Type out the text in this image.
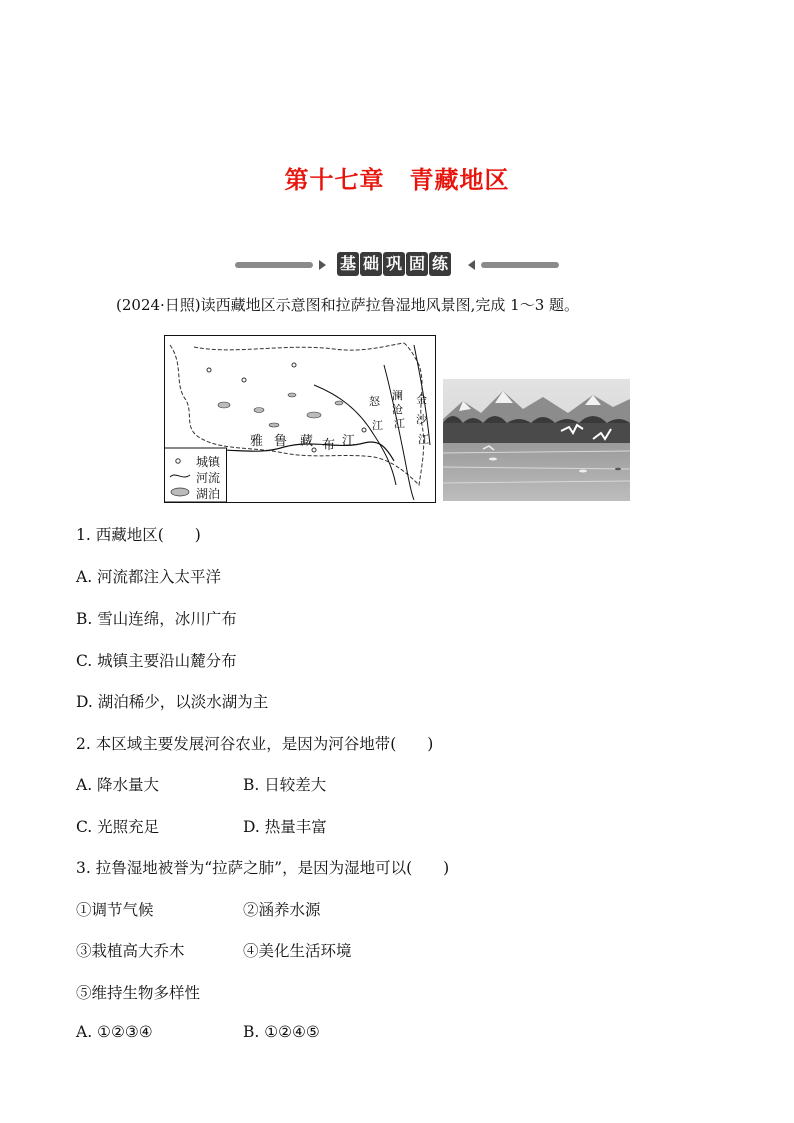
第十七章　青藏地区
基 础 巩 固 练
(2024·日照)读西藏地区示意图和拉萨拉鲁湿地风景图,完成 1～3 题。
城镇
河流
湖泊
雅 鲁 藏 布 江
怒
江
澜
沧
江
金
沙
江
1. 西藏地区(　　)
A. 河流都注入太平洋
B. 雪山连绵，冰川广布
C. 城镇主要沿山麓分布
D. 湖泊稀少，以淡水湖为主
2. 本区域主要发展河谷农业，是因为河谷地带(　　)
A. 降水量大	B. 日较差大
C. 光照充足	D. 热量丰富
3. 拉鲁湿地被誉为“拉萨之肺”，是因为湿地可以(　　)
①调节气候	②涵养水源
③栽植高大乔木	④美化生活环境
⑤维持生物多样性
A. ①②③④	B. ①②④⑤
